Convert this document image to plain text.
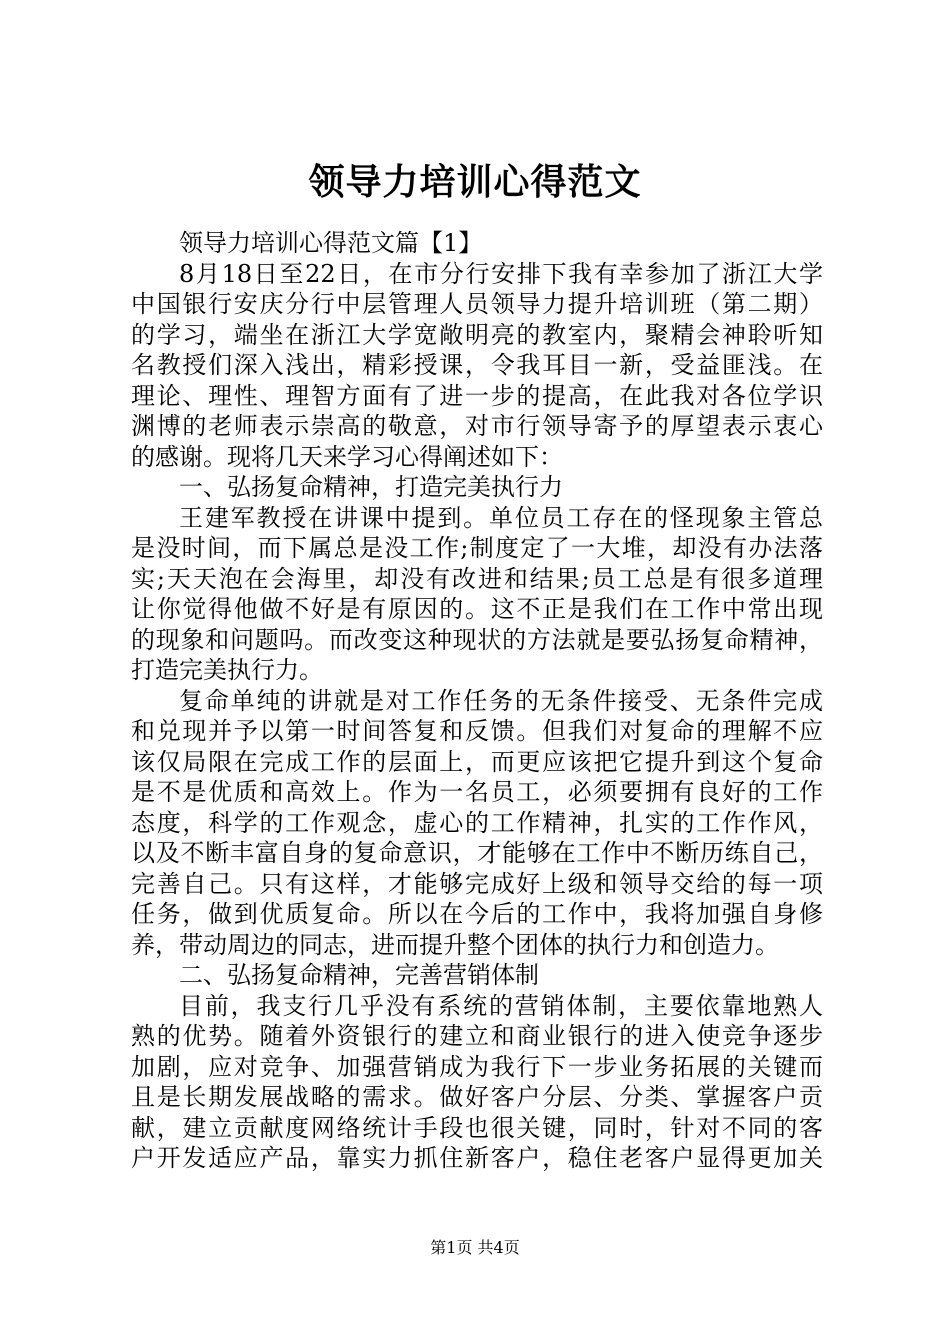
领导力培训心得范文
领导力培训心得范文篇【1】
8月18日至22日，在市分行安排下我有幸参加了浙江大学
中国银行安庆分行中层管理人员领导力提升培训班（第二期）
的学习，端坐在浙江大学宽敞明亮的教室内，聚精会神聆听知
名教授们深入浅出，精彩授课，令我耳目一新，受益匪浅。在
理论、理性、理智方面有了进一步的提高，在此我对各位学识
渊博的老师表示崇高的敬意，对市行领导寄予的厚望表示衷心
的感谢。现将几天来学习心得阐述如下：
一、弘扬复命精神，打造完美执行力
王建军教授在讲课中提到。单位员工存在的怪现象主管总
是没时间，而下属总是没工作;制度定了一大堆，却没有办法落
实;天天泡在会海里，却没有改进和结果;员工总是有很多道理
让你觉得他做不好是有原因的。这不正是我们在工作中常出现
的现象和问题吗。而改变这种现状的方法就是要弘扬复命精神，
打造完美执行力。
复命单纯的讲就是对工作任务的无条件接受、无条件完成
和兑现并予以第一时间答复和反馈。但我们对复命的理解不应
该仅局限在完成工作的层面上，而更应该把它提升到这个复命
是不是优质和高效上。作为一名员工，必须要拥有良好的工作
态度，科学的工作观念，虚心的工作精神，扎实的工作作风，
以及不断丰富自身的复命意识，才能够在工作中不断历练自己，
完善自己。只有这样，才能够完成好上级和领导交给的每一项
任务，做到优质复命。所以在今后的工作中，我将加强自身修
养，带动周边的同志，进而提升整个团体的执行力和创造力。
二、弘扬复命精神，完善营销体制
目前，我支行几乎没有系统的营销体制，主要依靠地熟人
熟的优势。随着外资银行的建立和商业银行的进入使竞争逐步
加剧，应对竞争、加强营销成为我行下一步业务拓展的关键而
且是长期发展战略的需求。做好客户分层、分类、掌握客户贡
献，建立贡献度网络统计手段也很关键，同时，针对不同的客
户开发适应产品，靠实力抓住新客户，稳住老客户显得更加关
第1页 共4页
